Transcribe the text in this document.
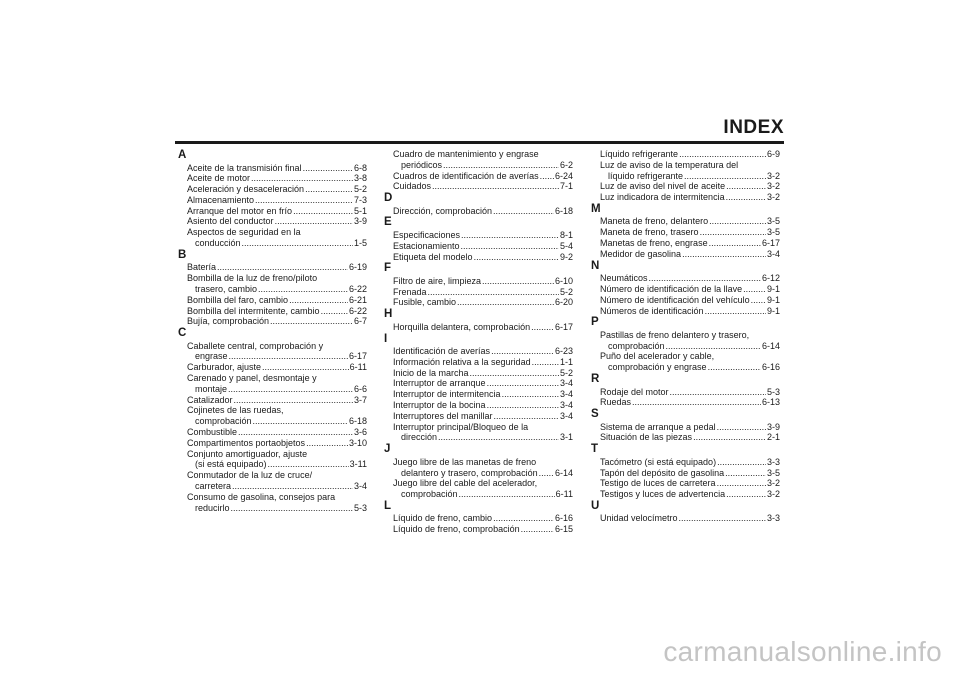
INDEX
A
Aceite de la transmisión final .....	6-8
Aceite de motor .....	3-8
Aceleración y desaceleración .....	5-2
Almacenamiento .....	7-3
Arranque del motor en frío .....	5-1
Asiento del conductor .....	3-9
Aspectos de seguridad en la
conducción .....	1-5
B
Batería .....	6-19
Bombilla de la luz de freno/piloto
trasero, cambio .....	6-22
Bombilla del faro, cambio .....	6-21
Bombilla del intermitente, cambio .....	6-22
Bujía, comprobación .....	6-7
C
Caballete central, comprobación y
engrase .....	6-17
Carburador, ajuste .....	6-11
Carenado y panel, desmontaje y
montaje .....	6-6
Catalizador .....	3-7
Cojinetes de las ruedas,
comprobación .....	6-18
Combustible .....	3-6
Compartimentos portaobjetos .....	3-10
Conjunto amortiguador, ajuste
(si está equipado) .....	3-11
Conmutador de la luz de cruce/
carretera .....	3-4
Consumo de gasolina, consejos para
reducirlo .....	5-3
Cuadro de mantenimiento y engrase
periódicos .....	6-2
Cuadros de identificación de averías ..... 6-24
Cuidados .....	7-1
D
Dirección, comprobación .....	6-18
E
Especificaciones .....	8-1
Estacionamiento .....	5-4
Etiqueta del modelo .....	9-2
F
Filtro de aire, limpieza .....	6-10
Frenada .....	5-2
Fusible, cambio .....	6-20
H
Horquilla delantera, comprobación .....	6-17
I
Identificación de averías .....	6-23
Información relativa a la seguridad .....	1-1
Inicio de la marcha .....	5-2
Interruptor de arranque .....	3-4
Interruptor de intermitencia .....	3-4
Interruptor de la bocina .....	3-4
Interruptores del manillar .....	3-4
Interruptor principal/Bloqueo de la
dirección .....	3-1
J
Juego libre de las manetas de freno
delantero y trasero, comprobación ..... 6-14
Juego libre del cable del acelerador,
comprobación .....	6-11
L
Líquido de freno, cambio .....	6-16
Líquido de freno, comprobación .....	6-15
Líquido refrigerante .....	6-9
Luz de aviso de la temperatura del
líquido refrigerante .....	3-2
Luz de aviso del nivel de aceite .....	3-2
Luz indicadora de intermitencia .....	3-2
M
Maneta de freno, delantero .....	3-5
Maneta de freno, trasero .....	3-5
Manetas de freno, engrase .....	6-17
Medidor de gasolina .....	3-4
N
Neumáticos .....	6-12
Número de identificación de la llave .....	9-1
Número de identificación del vehículo ..... 9-1
Números de identificación .....	9-1
P
Pastillas de freno delantero y trasero,
comprobación .....	6-14
Puño del acelerador y cable,
comprobación y engrase .....	6-16
R
Rodaje del motor .....	5-3
Ruedas .....	6-13
S
Sistema de arranque a pedal .....	3-9
Situación de las piezas .....	2-1
T
Tacómetro (si está equipado) .....	3-3
Tapón del depósito de gasolina .....	3-5
Testigo de luces de carretera .....	3-2
Testigos y luces de advertencia .....	3-2
U
Unidad velocímetro .....	3-3
carmanualsonline.info
